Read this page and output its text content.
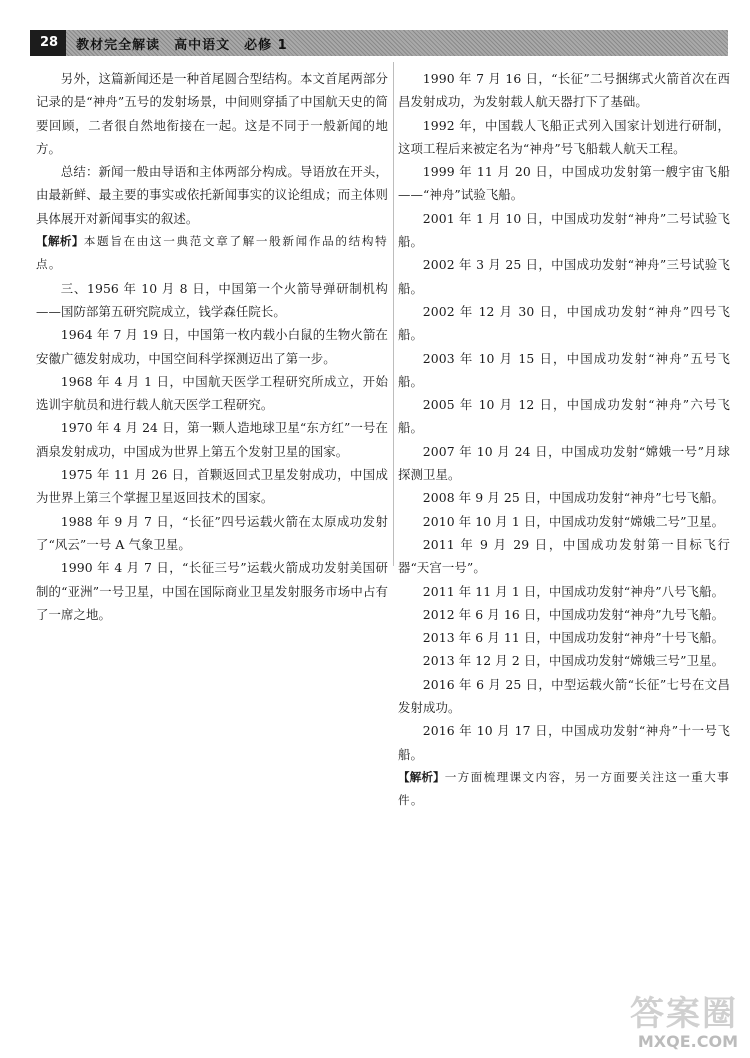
28	教材完全解读　高中语文　必修 1

另外，这篇新闻还是一种首尾圆合型结构。本文首尾两部分记录的是“神舟”五号的发射场景，中间则穿插了中国航天史的简要回顾，二者很自然地衔接在一起。这是不同于一般新闻的地方。

总结：新闻一般由导语和主体两部分构成。导语放在开头，由最新鲜、最主要的事实或依托新闻事实的议论组成；而主体则具体展开对新闻事实的叙述。

【解析】本题旨在由这一典范文章了解一般新闻作品的结构特点。

三、1956 年 10 月 8 日，中国第一个火箭导弹研制机构——国防部第五研究院成立，钱学森任院长。

1964 年 7 月 19 日，中国第一枚内载小白鼠的生物火箭在安徽广德发射成功，中国空间科学探测迈出了第一步。

1968 年 4 月 1 日，中国航天医学工程研究所成立，开始选训宇航员和进行载人航天医学工程研究。

1970 年 4 月 24 日，第一颗人造地球卫星“东方红”一号在酒泉发射成功，中国成为世界上第五个发射卫星的国家。

1975 年 11 月 26 日，首颗返回式卫星发射成功，中国成为世界上第三个掌握卫星返回技术的国家。

1988 年 9 月 7 日，“长征”四号运载火箭在太原成功发射了“风云”一号 A 气象卫星。

1990 年 4 月 7 日，“长征三号”运载火箭成功发射美国研制的“亚洲”一号卫星，中国在国际商业卫星发射服务市场中占有了一席之地。

1990 年 7 月 16 日，“长征”二号捆绑式火箭首次在西昌发射成功，为发射载人航天器打下了基础。

1992 年，中国载人飞船正式列入国家计划进行研制，这项工程后来被定名为“神舟”号飞船载人航天工程。

1999 年 11 月 20 日，中国成功发射第一艘宇宙飞船——“神舟”试验飞船。

2001 年 1 月 10 日，中国成功发射“神舟”二号试验飞船。

2002 年 3 月 25 日，中国成功发射“神舟”三号试验飞船。

2002 年 12 月 30 日，中国成功发射“神舟”四号飞船。

2003 年 10 月 15 日，中国成功发射“神舟”五号飞船。

2005 年 10 月 12 日，中国成功发射“神舟”六号飞船。

2007 年 10 月 24 日，中国成功发射“嫦娥一号”月球探测卫星。

2008 年 9 月 25 日，中国成功发射“神舟”七号飞船。

2010 年 10 月 1 日，中国成功发射“嫦娥二号”卫星。

2011 年 9 月 29 日，中国成功发射第一目标飞行器“天宫一号”。

2011 年 11 月 1 日，中国成功发射“神舟”八号飞船。

2012 年 6 月 16 日，中国成功发射“神舟”九号飞船。

2013 年 6 月 11 日，中国成功发射“神舟”十号飞船。

2013 年 12 月 2 日，中国成功发射“嫦娥三号”卫星。

2016 年 6 月 25 日，中型运载火箭“长征”七号在文昌发射成功。

2016 年 10 月 17 日，中国成功发射“神舟”十一号飞船。

【解析】一方面梳理课文内容，另一方面要关注这一重大事件。

答案圈
MXQE.COM
